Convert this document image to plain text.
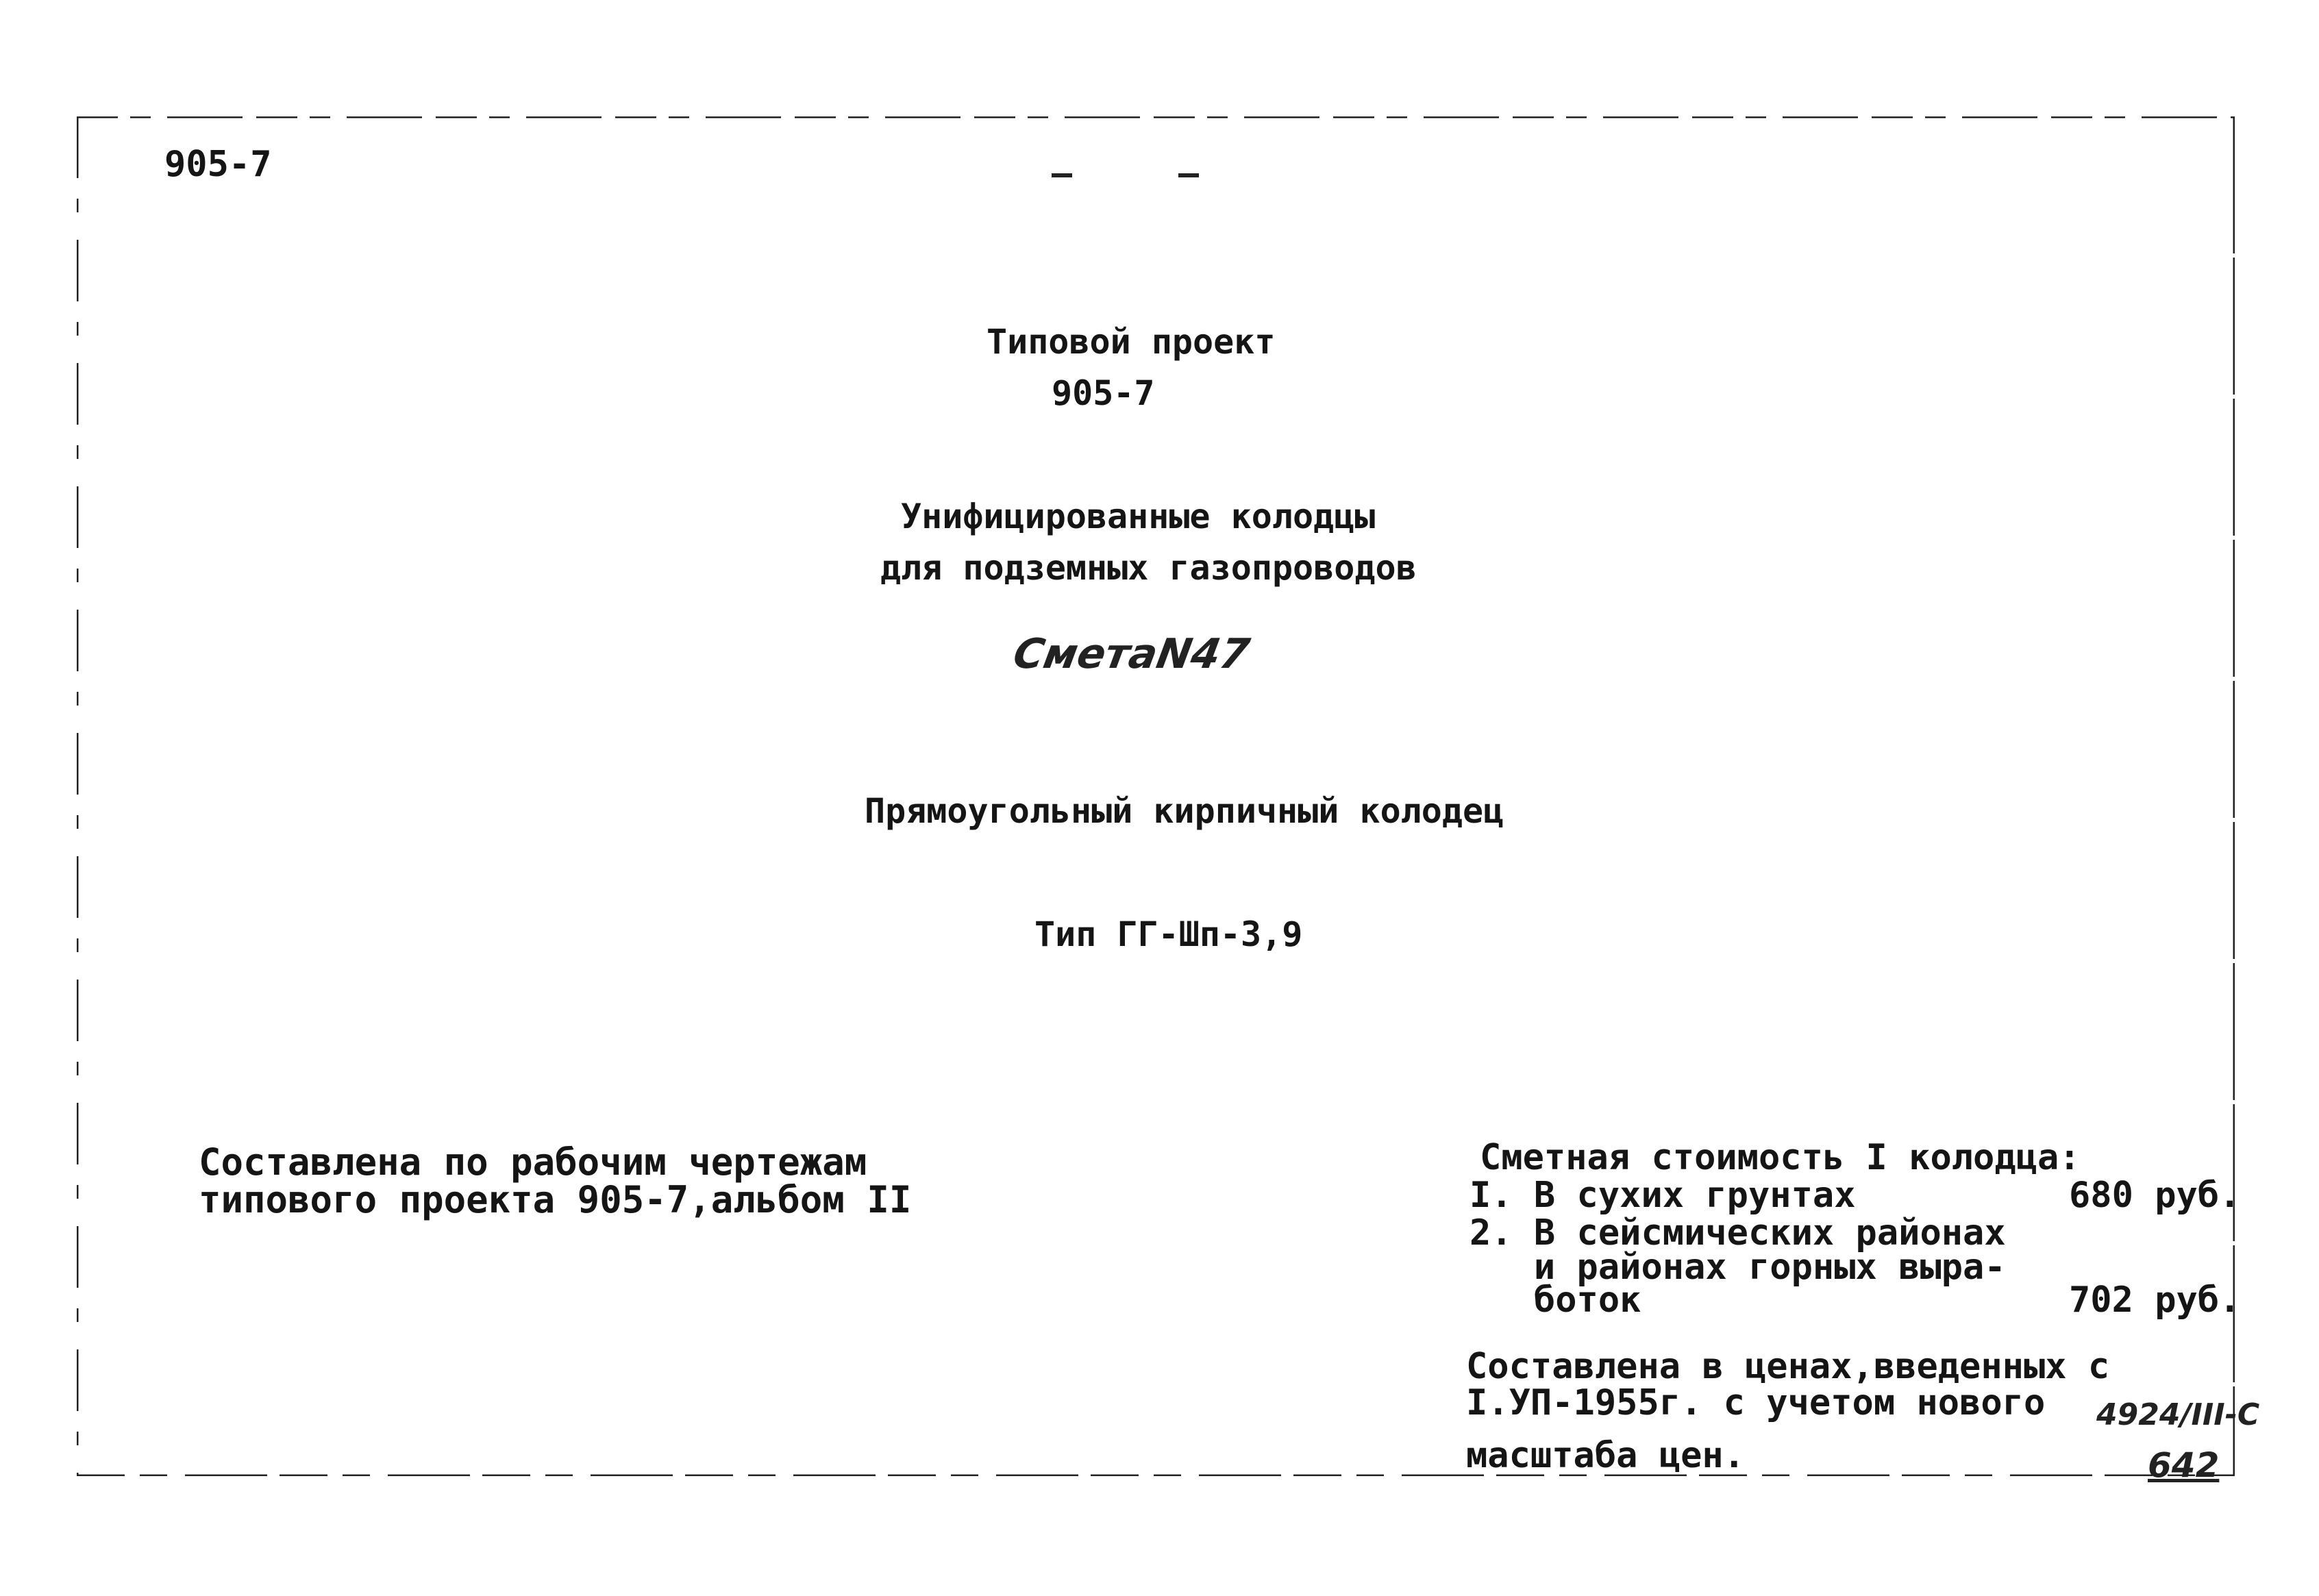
905-7
Типовой проект
905-7
Унифицированные колодцы
для подземных газопроводов
СметаN47
Прямоугольный кирпичный колодец
Тип ГГ-Шп-3,9
Составлена по рабочим чертежам
типового проекта 905-7,альбом II
Сметная стоимость I колодца:
I. В сухих грунтах	680 руб.
2. В сейсмических районах
и районах горных выра-
боток	702 руб.
Составлена в ценах,введенных с
I.УП-1955г. с учетом нового
масштаба цен.
4924/III-С
642
